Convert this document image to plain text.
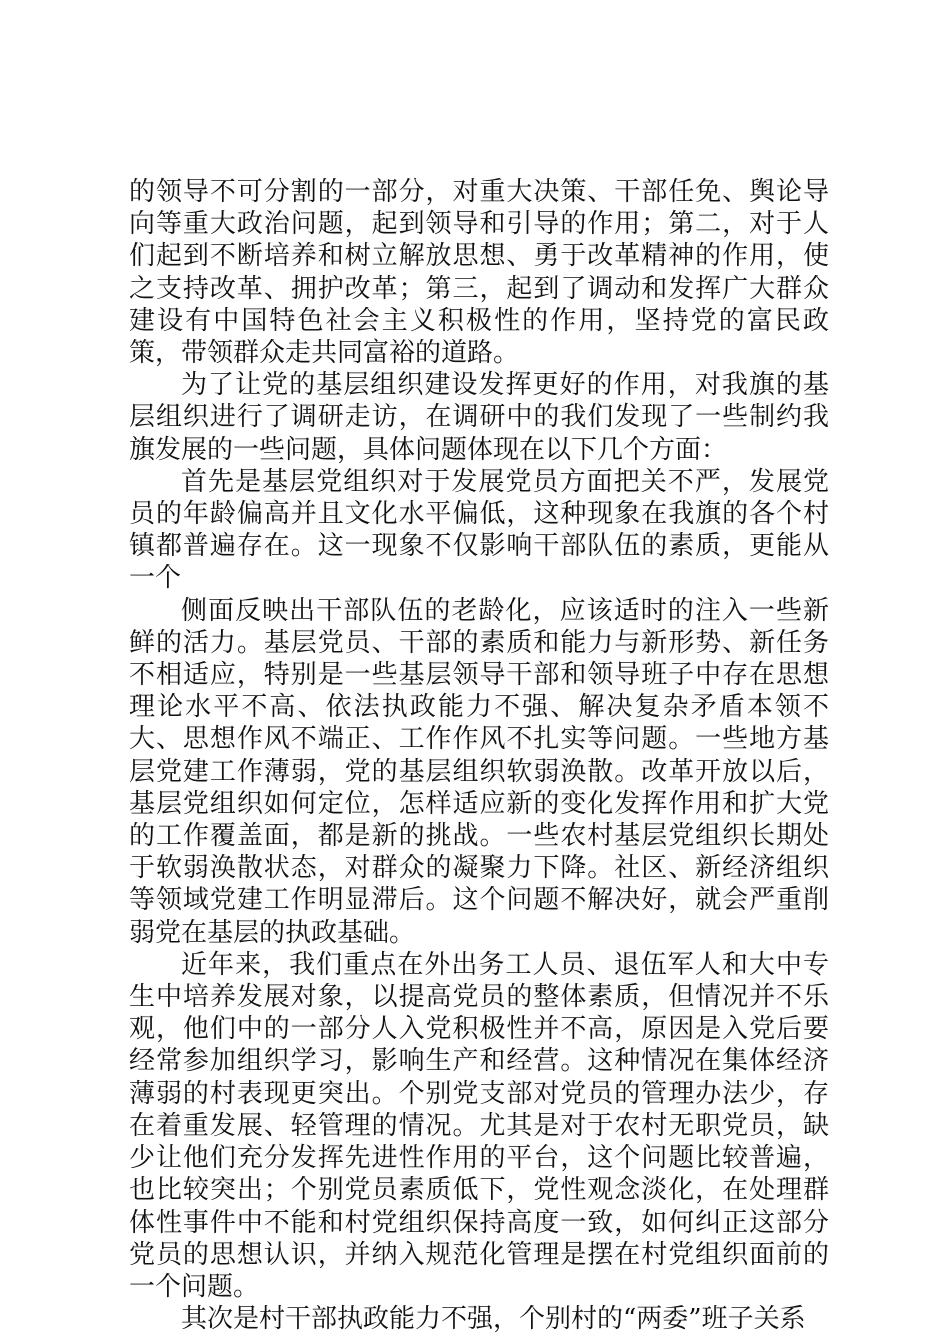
的领导不可分割的一部分，对重大决策、干部任免、舆论导向等重大政治问题，起到领导和引导的作用；第二，对于人们起到不断培养和树立解放思想、勇于改革精神的作用，使之支持改革、拥护改革；第三，起到了调动和发挥广大群众建设有中国特色社会主义积极性的作用，坚持党的富民政策，带领群众走共同富裕的道路。

为了让党的基层组织建设发挥更好的作用，对我旗的基层组织进行了调研走访，在调研中的我们发现了一些制约我旗发展的一些问题，具体问题体现在以下几个方面：

首先是基层党组织对于发展党员方面把关不严，发展党员的年龄偏高并且文化水平偏低，这种现象在我旗的各个村镇都普遍存在。这一现象不仅影响干部队伍的素质，更能从一个

侧面反映出干部队伍的老龄化，应该适时的注入一些新鲜的活力。基层党员、干部的素质和能力与新形势、新任务不相适应，特别是一些基层领导干部和领导班子中存在思想理论水平不高、依法执政能力不强、解决复杂矛盾本领不大、思想作风不端正、工作作风不扎实等问题。一些地方基层党建工作薄弱，党的基层组织软弱涣散。改革开放以后，基层党组织如何定位，怎样适应新的变化发挥作用和扩大党的工作覆盖面，都是新的挑战。一些农村基层党组织长期处于软弱涣散状态，对群众的凝聚力下降。社区、新经济组织等领域党建工作明显滞后。这个问题不解决好，就会严重削弱党在基层的执政基础。

近年来，我们重点在外出务工人员、退伍军人和大中专生中培养发展对象，以提高党员的整体素质，但情况并不乐观，他们中的一部分人入党积极性并不高，原因是入党后要经常参加组织学习，影响生产和经营。这种情况在集体经济薄弱的村表现更突出。个别党支部对党员的管理办法少，存在着重发展、轻管理的情况。尤其是对于农村无职党员，缺少让他们充分发挥先进性作用的平台，这个问题比较普遍，也比较突出；个别党员素质低下，党性观念淡化，在处理群体性事件中不能和村党组织保持高度一致，如何纠正这部分党员的思想认识，并纳入规范化管理是摆在村党组织面前的一个问题。

其次是村干部执政能力不强，个别村的“两委”班子关系
